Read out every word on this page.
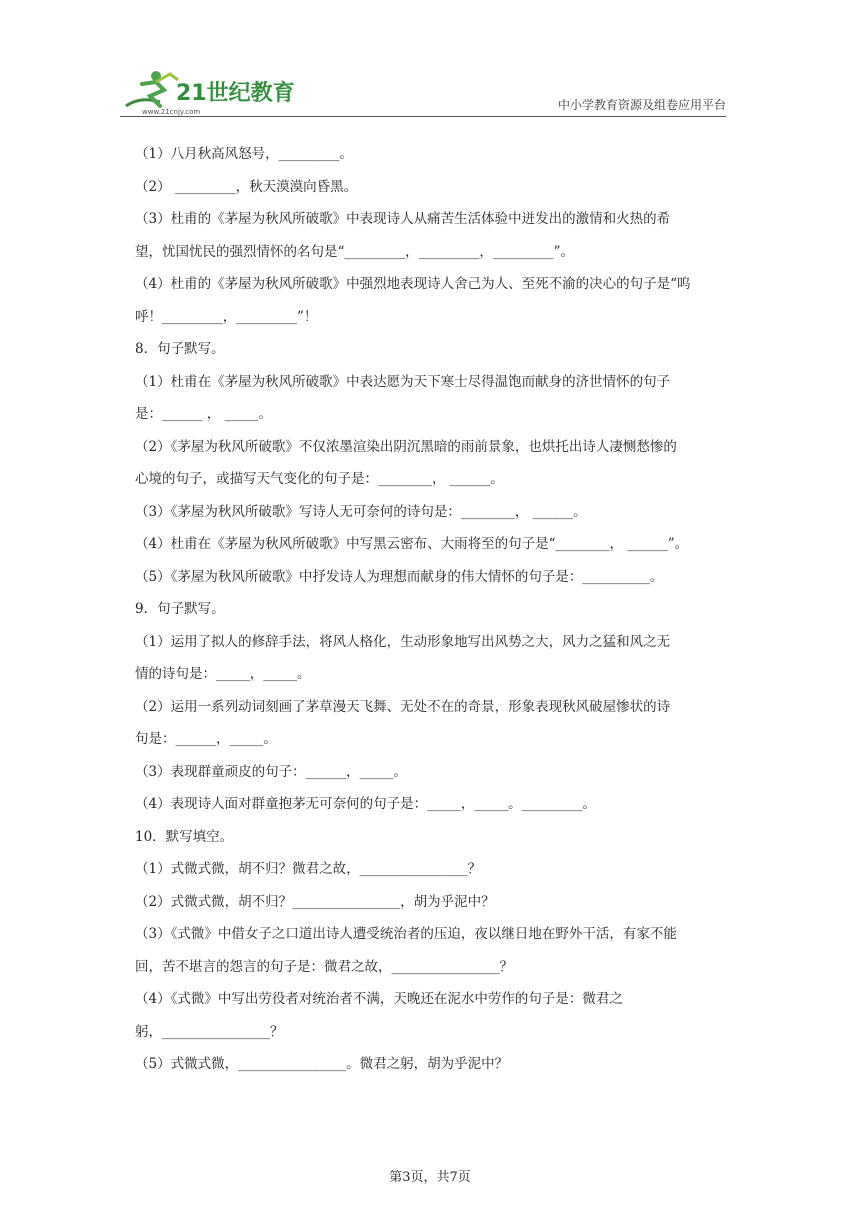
21世纪教育
www.21cnjy.com	中小学教育资源及组卷应用平台
（1）八月秋高风怒号，_________。
（2） _________，秋天漠漠向昏黑。
（3）杜甫的《茅屋为秋风所破歌》中表现诗人从痛苦生活体验中迸发出的激情和火热的希
望，忧国忧民的强烈情怀的名句是“_________，_________，_________”。
（4）杜甫的《茅屋为秋风所破歌》中强烈地表现诗人舍己为人、至死不渝的决心的句子是“呜
呼！_________，_________”！
8．句子默写。
（1）杜甫在《茅屋为秋风所破歌》中表达愿为天下寒士尽得温饱而献身的济世情怀的句子
是：______ ， _____。
（2）《茅屋为秋风所破歌》不仅浓墨渲染出阴沉黑暗的雨前景象，也烘托出诗人凄恻愁惨的
心境的句子，或描写天气变化的句子是：________， ______。
（3）《茅屋为秋风所破歌》写诗人无可奈何的诗句是：________， ______。
（4）杜甫在《茅屋为秋风所破歌》中写黑云密布、大雨将至的句子是“________， ______”。
（5）《茅屋为秋风所破歌》中抒发诗人为理想而献身的伟大情怀的句子是：__________。
9．句子默写。
（1）运用了拟人的修辞手法，将风人格化，生动形象地写出风势之大，风力之猛和风之无
情的诗句是：_____，_____。
（2）运用一系列动词刻画了茅草漫天飞舞、无处不在的奇景，形象表现秋风破屋惨状的诗
句是：______，_____。
（3）表现群童顽皮的句子：______，_____。
（4）表现诗人面对群童抱茅无可奈何的句子是：_____，_____。_________。
10．默写填空。
（1）式微式微，胡不归？微君之故，________________？
（2）式微式微，胡不归？________________，胡为乎泥中？
（3）《式微》中借女子之口道出诗人遭受统治者的压迫，夜以继日地在野外干活，有家不能
回，苦不堪言的怨言的句子是：微君之故，________________？
（4）《式微》中写出劳役者对统治者不满，天晚还在泥水中劳作的句子是：微君之
躬，________________？
（5）式微式微，________________。微君之躬，胡为乎泥中？
第3页，共7页
